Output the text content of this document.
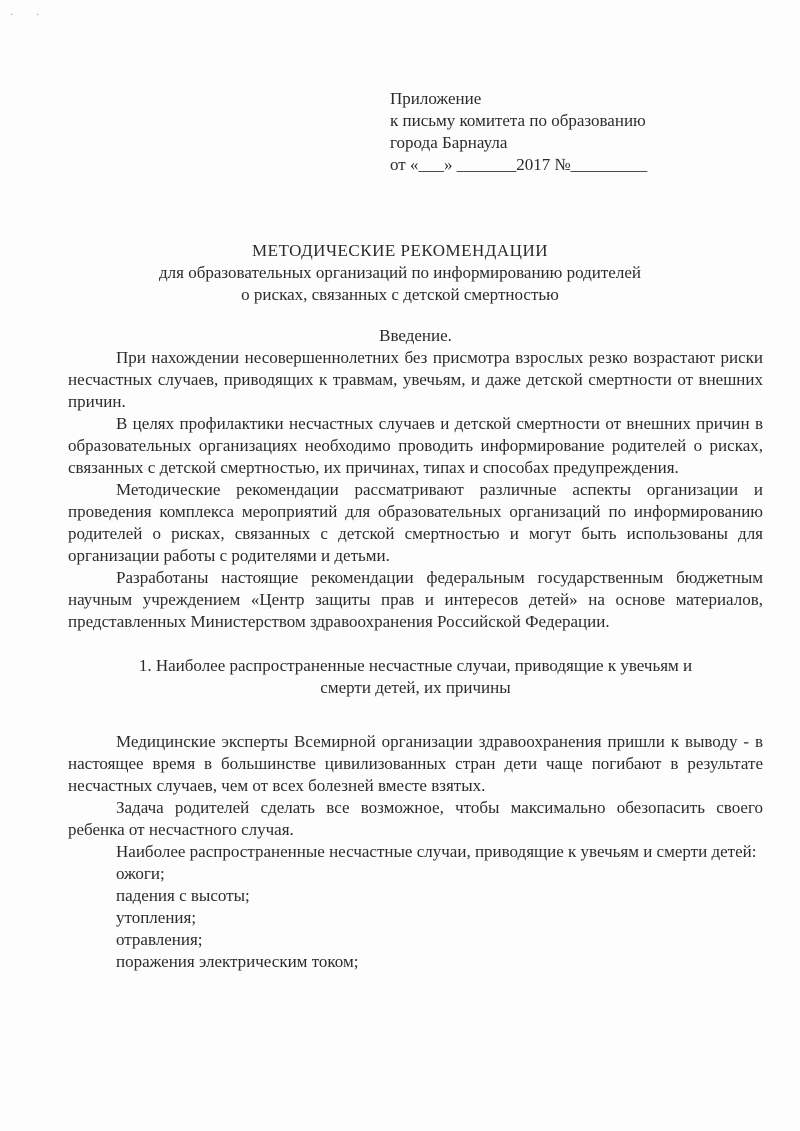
· ·
Приложение
к письму комитета по образованию
города Барнаула
от «___» _______2017 №_________
МЕТОДИЧЕСКИЕ РЕКОМЕНДАЦИИ
для образовательных организаций по информированию родителей
о рисках, связанных с детской смертностью
Введение.

При нахождении несовершеннолетних без присмотра взрослых резко возрастают риски несчастных случаев, приводящих к травмам, увечьям, и даже детской смертности от внешних причин.

В целях профилактики несчастных случаев и детской смертности от внешних причин в образовательных организациях необходимо проводить информирование родителей о рисках, связанных с детской смертностью, их причинах, типах и способах предупреждения.

Методические рекомендации рассматривают различные аспекты организации и проведения комплекса мероприятий для образовательных организаций по информированию родителей о рисках, связанных с детской смертностью и могут быть использованы для организации работы с родителями и детьми.

Разработаны настоящие рекомендации федеральным государственным бюджетным научным учреждением «Центр защиты прав и интересов детей» на основе материалов, представленных Министерством здравоохранения Российской Федерации.

1. Наиболее распространенные несчастные случаи, приводящие к увечьям и
смерти детей, их причины

Медицинские эксперты Всемирной организации здравоохранения пришли к выводу - в настоящее время в большинстве цивилизованных стран дети чаще погибают в результате несчастных случаев, чем от всех болезней вместе взятых.

Задача родителей сделать все возможное, чтобы максимально обезопасить своего ребенка от несчастного случая.

Наиболее распространенные несчастные случаи, приводящие к увечьям и смерти детей:

ожоги;
падения с высоты;
утопления;
отравления;
поражения электрическим током;
